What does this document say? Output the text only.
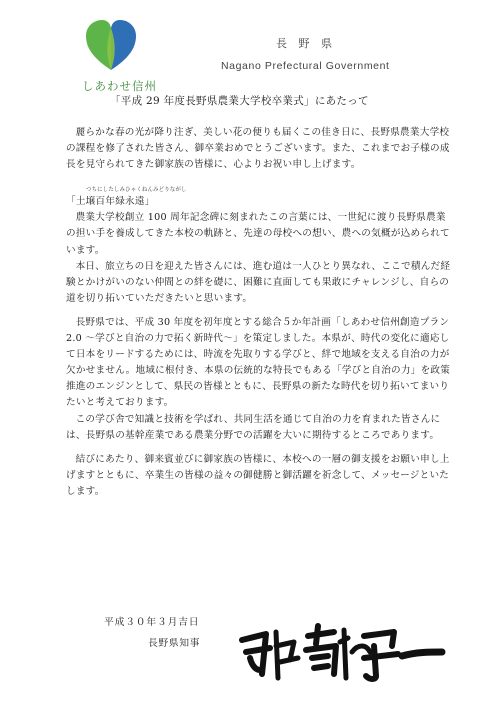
しあわせ信州
長 野 県
Nagano Prefectural Government
「平成 29 年度長野県農業大学校卒業式」にあたって

麗らかな春の光が降り注ぎ、美しい花の便りも届くこの佳き日に、長野県農業大学校の課程を修了された皆さん、御卒業おめでとうございます。また、これまでお子様の成長を見守られてきた御家族の皆様に、心よりお祝い申し上げます。

つちにしたしみひゃくねんみどりながし
「土壌百年緑永遠」

農業大学校創立 100 周年記念碑に刻まれたこの言葉には、一世紀に渡り長野県農業の担い手を養成してきた本校の軌跡と、先達の母校への想い、農への気概が込められています。

本日、旅立ちの日を迎えた皆さんには、進む道は一人ひとり異なれ、ここで積んだ経験とかけがいのない仲間との絆を礎に、困難に直面しても果敢にチャレンジし、自らの道を切り拓いていただきたいと思います。

長野県では、平成 30 年度を初年度とする総合５か年計画「しあわせ信州創造プラン 2.0 〜学びと自治の力で拓く新時代〜」を策定しました。本県が、時代の変化に適応して日本をリードするためには、時流を先取りする学びと、絆で地域を支える自治の力が欠かせません。地域に根付き、本県の伝統的な特長でもある「学びと自治の力」を政策推進のエンジンとして、県民の皆様とともに、長野県の新たな時代を切り拓いてまいりたいと考えております。

この学び舎で知識と技術を学ばれ、共同生活を通じて自治の力を育まれた皆さんには、長野県の基幹産業である農業分野での活躍を大いに期待するところであります。

結びにあたり、御来賓並びに御家族の皆様に、本校への一層の御支援をお願い申し上げますとともに、卒業生の皆様の益々の御健勝と御活躍を祈念して、メッセージといたします。

平成３０年３月吉日
長野県知事
